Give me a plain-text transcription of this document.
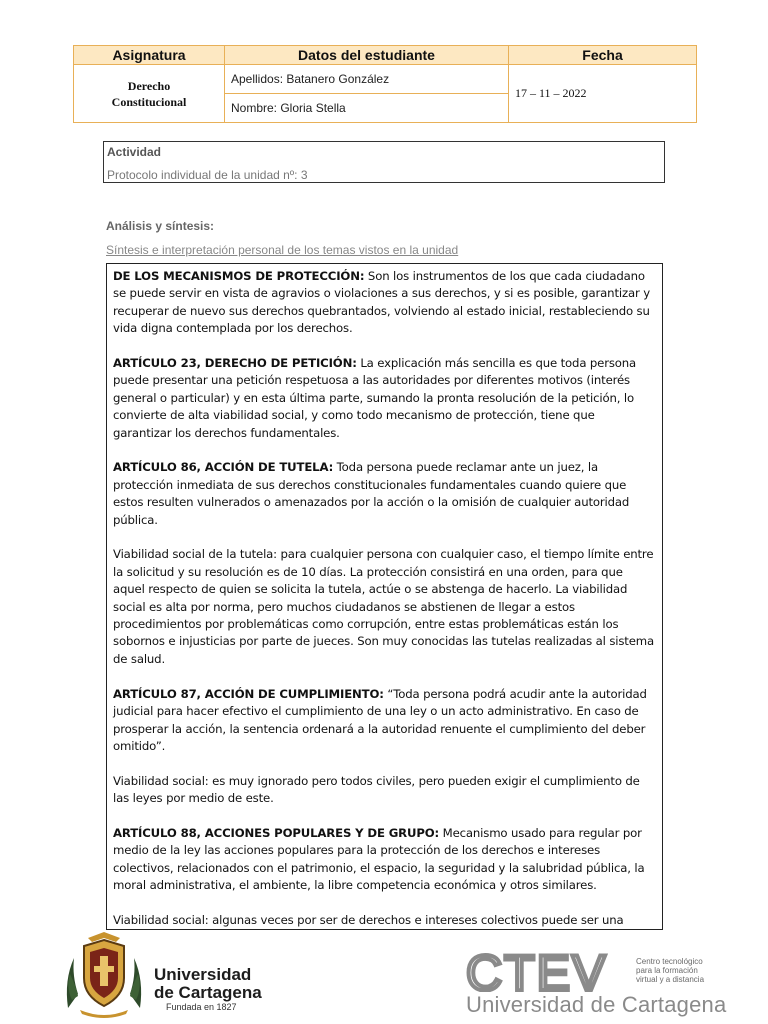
Asignatura	Datos del estudiante	Fecha

Derecho
Constitucional	Apellidos: Batanero González	17 – 11 – 2022
	Nombre: Gloria Stella	
Actividad
Protocolo individual de la unidad nº: 3
Análisis y síntesis:
Síntesis e interpretación personal de los temas vistos en la unidad

DE LOS MECANISMOS DE PROTECCIÓN: Son los instrumentos de los que cada ciudadano se puede servir en vista de agravios o violaciones a sus derechos, y si es posible, garantizar y recuperar de nuevo sus derechos quebrantados, volviendo al estado inicial, restableciendo su vida digna contemplada por los derechos.

ARTÍCULO 23, DERECHO DE PETICIÓN: La explicación más sencilla es que toda persona puede presentar una petición respetuosa a las autoridades por diferentes motivos (interés general o particular) y en esta última parte, sumando la pronta resolución de la petición, lo convierte de alta viabilidad social, y como todo mecanismo de protección, tiene que garantizar los derechos fundamentales.

ARTÍCULO 86, ACCIÓN DE TUTELA: Toda persona puede reclamar ante un juez, la protección inmediata de sus derechos constitucionales fundamentales cuando quiere que estos resulten vulnerados o amenazados por la acción o la omisión de cualquier autoridad pública.

Viabilidad social de la tutela: para cualquier persona con cualquier caso, el tiempo límite entre la solicitud y su resolución es de 10 días. La protección consistirá en una orden, para que aquel respecto de quien se solicita la tutela, actúe o se abstenga de hacerlo. La viabilidad social es alta por norma, pero muchos ciudadanos se abstienen de llegar a estos procedimientos por problemáticas como corrupción, entre estas problemáticas están los sobornos e injusticias por parte de jueces. Son muy conocidas las tutelas realizadas al sistema de salud.

ARTÍCULO 87, ACCIÓN DE CUMPLIMIENTO: “Toda persona podrá acudir ante la autoridad judicial para hacer efectivo el cumplimiento de una ley o un acto administrativo. En caso de prosperar la acción, la sentencia ordenará a la autoridad renuente el cumplimiento del deber omitido”.

Viabilidad social: es muy ignorado pero todos civiles, pero pueden exigir el cumplimiento de las leyes por medio de este.

ARTÍCULO 88, ACCIONES POPULARES Y DE GRUPO: Mecanismo usado para regular por medio de la ley las acciones populares para la protección de los derechos e intereses colectivos, relacionados con el patrimonio, el espacio, la seguridad y la salubridad pública, la moral administrativa, el ambiente, la libre competencia económica y otros similares.

Viabilidad social: algunas veces por ser de derechos e intereses colectivos puede ser una

Universidad
de Cartagena
Fundada en 1827
CTEV	Centro tecnológico
para la formación
virtual y a distancia
Universidad de Cartagena
